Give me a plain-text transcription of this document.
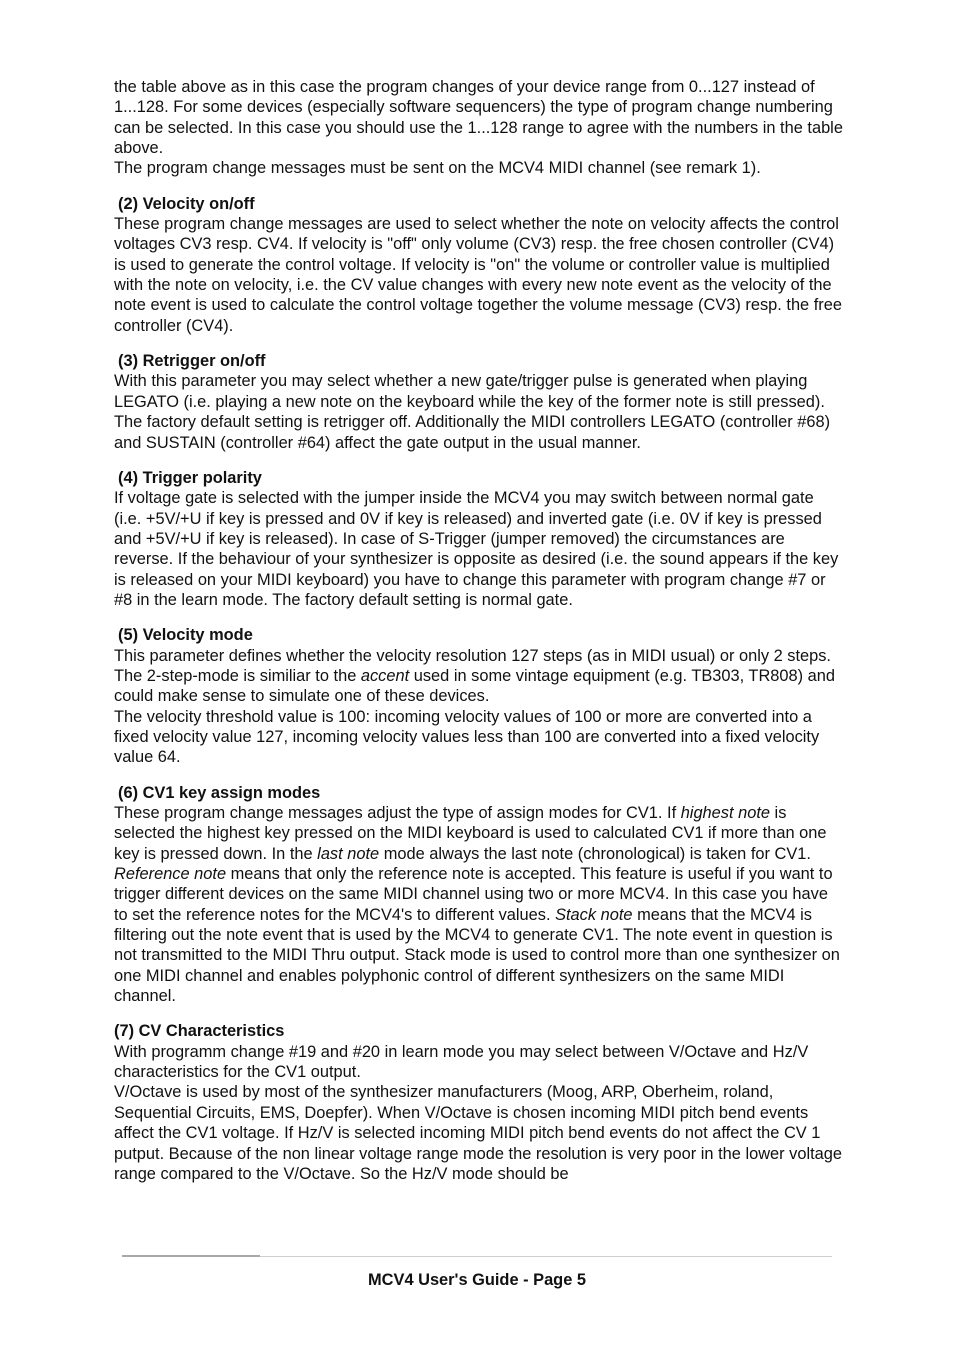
the table above as in this case the program changes of your device range from 0...127 instead of 1...128. For some devices (especially software sequencers) the type of program change numbering can be selected. In this case you should use the 1...128 range to agree with the numbers in the table above.

The program change messages must be sent on the MCV4 MIDI channel (see remark 1).

(2) Velocity on/off

These program change messages are used to select whether the note on velocity affects the control voltages CV3 resp. CV4. If velocity is "off" only volume (CV3) resp. the free chosen controller (CV4) is used to generate the control voltage. If velocity is "on" the volume or controller value is multiplied with the note on velocity, i.e. the CV value changes with every new note event as the velocity of the note event is used to calculate the control voltage together the volume message (CV3) resp. the free controller (CV4).

(3) Retrigger on/off

With this parameter you may select whether a new gate/trigger pulse is generated when playing LEGATO (i.e. playing a new note on the keyboard while the key of the former note is still pressed). The factory default setting is retrigger off. Additionally the MIDI controllers LEGATO (controller #68) and SUSTAIN (controller #64) affect the gate output in the usual manner.

(4) Trigger polarity

If voltage gate is selected with the jumper inside the MCV4 you may switch between normal gate (i.e. +5V/+U if key is pressed and 0V if key is released) and inverted gate (i.e. 0V if key is pressed and +5V/+U if key is released). In case of S-Trigger (jumper removed) the circumstances are reverse. If the behaviour of your synthesizer is opposite as desired (i.e. the sound appears if the key is released on your MIDI keyboard) you have to change this parameter with program change #7 or #8 in the learn mode. The factory default setting is normal gate.

(5) Velocity mode

This parameter defines whether the velocity resolution 127 steps (as in MIDI usual) or only 2 steps. The 2-step-mode is similiar to the accent used in some vintage equipment (e.g. TB303, TR808) and could make sense to simulate one of these devices.

The velocity threshold value is 100: incoming velocity values of 100 or more are converted into a fixed velocity value 127, incoming velocity values less than 100 are converted into a fixed velocity value 64.

(6) CV1 key assign modes

These program change messages adjust the type of assign modes for CV1. If highest note is selected the highest key pressed on the MIDI keyboard is used to calculated CV1 if more than one key is pressed down. In the last note mode always the last note (chronological) is taken for CV1. Reference note means that only the reference note is accepted. This feature is useful if you want to trigger different devices on the same MIDI channel using two or more MCV4. In this case you have to set the reference notes for the MCV4's to different values. Stack note means that the MCV4 is filtering out the note event that is used by the MCV4 to generate CV1. The note event in question is not transmitted to the MIDI Thru output. Stack mode is used to control more than one synthesizer on one MIDI channel and enables polyphonic control of different synthesizers on the same MIDI channel.

(7) CV Characteristics

With programm change #19 and #20 in learn mode you may select between V/Octave and Hz/V characteristics for the CV1 output.

V/Octave is used by most of the synthesizer manufacturers (Moog, ARP, Oberheim, roland, Sequential Circuits, EMS, Doepfer). When V/Octave is chosen incoming MIDI pitch bend events affect the CV1 voltage. If Hz/V is selected incoming MIDI pitch bend events do not affect the CV 1 putput. Because of the non linear voltage range mode the resolution is very poor in the lower voltage range compared to the V/Octave. So the Hz/V mode should be

MCV4 User's Guide - Page 5
